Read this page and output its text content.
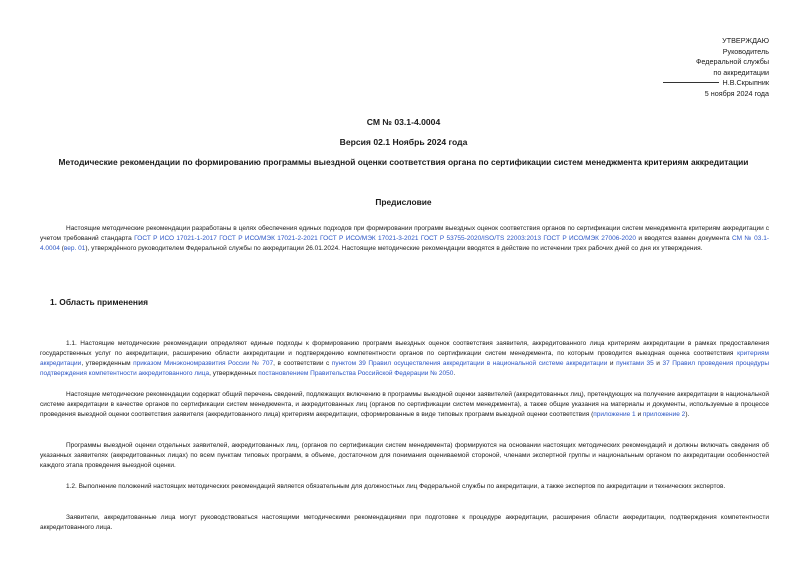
УТВЕРЖДАЮ
Руководитель
Федеральной службы
по аккредитации
Н.В.Скрыпник
5 ноября 2024 года
СМ № 03.1-4.0004
Версия 02.1 Ноябрь 2024 года
Методические рекомендации по формированию программы выездной оценки соответствия органа по сертификации систем менеджмента критериям аккредитации
Предисловие

Настоящие методические рекомендации разработаны в целях обеспечения единых подходов при формировании программ выездных оценок соответствия органов по сертификации систем менеджмента критериям аккредитации с учетом требований стандарта ГОСТ Р ИСО 17021-1-2017 ГОСТ Р ИСО/МЭК 17021-2-2021 ГОСТ Р ИСО/МЭК 17021-3-2021 ГОСТ Р 53755-2020/ISO/TS 22003:2013 ГОСТ Р ИСО/МЭК 27006-2020 и вводятся взамен документа СМ № 03.1-4.0004 (вер. 01), утверждённого руководителем Федеральной службы по аккредитации 26.01.2024. Настоящие методические рекомендации вводятся в действие по истечении трех рабочих дней со дня их утверждения.

1. Область применения

1.1. Настоящие методические рекомендации определяют единые подходы к формированию программ выездных оценок соответствия заявителя, аккредитованного лица критериям аккредитации в рамках предоставления государственных услуг по аккредитации, расширению области аккредитации и подтверждению компетентности органов по сертификации систем менеджмента, по которым проводится выездная оценка соответствия критериям аккредитации, утвержденным приказом Минэкономразвития России № 707, в соответствии с пунктом 39 Правил осуществления аккредитации в национальной системе аккредитации и пунктами 35 и 37 Правил проведения процедуры подтверждения компетентности аккредитованного лица, утвержденных постановлением Правительства Российской Федерации № 2050.

Настоящие методические рекомендации содержат общий перечень сведений, подлежащих включению в программы выездной оценки заявителей (аккредитованных лиц), претендующих на получение аккредитации в национальной системе аккредитации в качестве органов по сертификации систем менеджмента, и аккредитованных лиц (органов по сертификации систем менеджмента), а также общие указания на материалы и документы, используемые в процессе проведения выездной оценки соответствия заявителя (аккредитованного лица) критериям аккредитации, сформированные в виде типовых программ выездной оценки соответствия (приложение 1 и приложение 2).

Программы выездной оценки отдельных заявителей, аккредитованных лиц, (органов по сертификации систем менеджмента) формируются на основании настоящих методических рекомендаций и должны включать сведения об указанных заявителях (аккредитованных лицах) по всем пунктам типовых программ, в объеме, достаточном для понимания оцениваемой стороной, членами экспертной группы и национальным органом по аккредитации особенностей каждого этапа проведения выездной оценки.

1.2. Выполнение положений настоящих методических рекомендаций является обязательным для должностных лиц Федеральной службы по аккредитации, а также экспертов по аккредитации и технических экспертов.

Заявители, аккредитованные лица могут руководствоваться настоящими методическими рекомендациями при подготовке к процедуре аккредитации, расширения области аккредитации, подтверждения компетентности аккредитованного лица.
